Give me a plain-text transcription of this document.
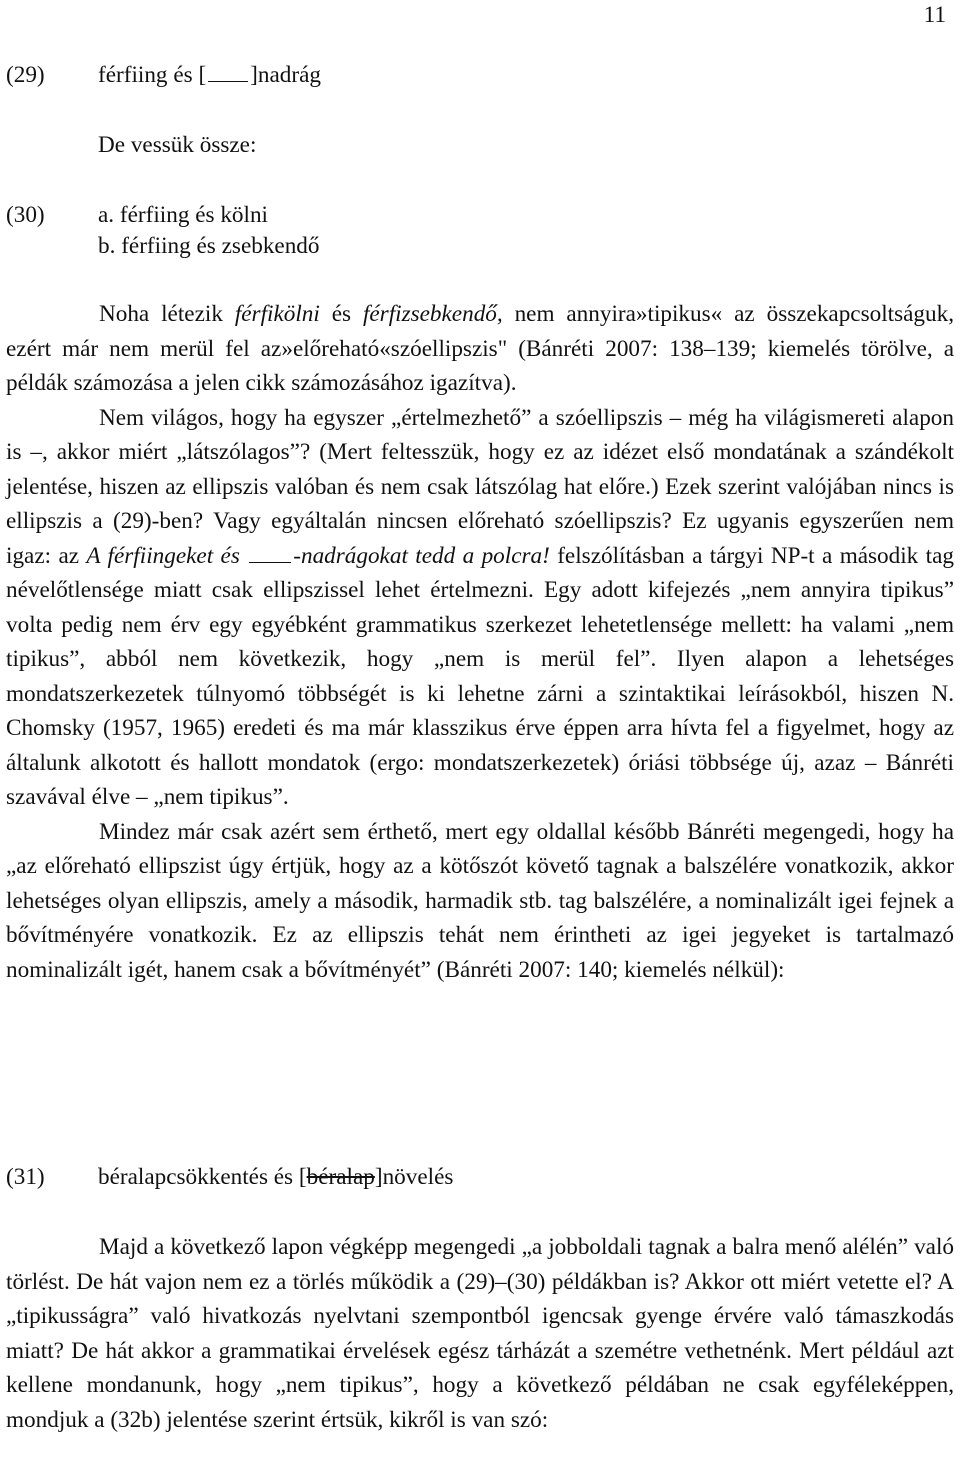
11
(29) férfiing és [ ]nadrág
De vessük össze:
(30) a. férfiing és kölni
b. férfiing és zsebkendő

Noha létezik férfikölni és férfizsebkendő, nem annyira»tipikus« az összekapcsoltságuk, ezért már nem merül fel az»előreható«szóellipszis" (Bánréti 2007: 138–139; kiemelés törölve, a példák számozása a jelen cikk számozásához igazítva).

Nem világos, hogy ha egyszer „értelmezhető” a szóellipszis – még ha világismereti alapon is –, akkor miért „látszólagos”? (Mert feltesszük, hogy ez az idézet első mondatának a szándékolt jelentése, hiszen az ellipszis valóban és nem csak látszólag hat előre.) Ezek szerint valójában nincs is ellipszis a (29)-ben? Vagy egyáltalán nincsen előreható szóellipszis? Ez ugyanis egyszerűen nem igaz: az A férfiingeket és -nadrágokat tedd a polcra! felszólításban a tárgyi NP-t a második tag névelőtlensége miatt csak ellipszissel lehet értelmezni. Egy adott kifejezés „nem annyira tipikus” volta pedig nem érv egy egyébként grammatikus szerkezet lehetetlensége mellett: ha valami „nem tipikus”, abból nem következik, hogy „nem is merül fel”. Ilyen alapon a lehetséges mondatszerkezetek túlnyomó többségét is ki lehetne zárni a szintaktikai leírásokból, hiszen N. Chomsky (1957, 1965) eredeti és ma már klasszikus érve éppen arra hívta fel a figyelmet, hogy az általunk alkotott és hallott mondatok (ergo: mondatszerkezetek) óriási többsége új, azaz – Bánréti szavával élve – „nem tipikus”.

Mindez már csak azért sem érthető, mert egy oldallal később Bánréti megengedi, hogy ha „az előreható ellipszist úgy értjük, hogy az a kötőszót követő tagnak a balszélére vonatkozik, akkor lehetséges olyan ellipszis, amely a második, harmadik stb. tag balszélére, a nominalizált igei fejnek a bővítményére vonatkozik. Ez az ellipszis tehát nem érintheti az igei jegyeket is tartalmazó nominalizált igét, hanem csak a bővítményét” (Bánréti 2007: 140; kiemelés nélkül):

(31) béralapcsökkentés és [béralap]növelés

Majd a következő lapon végképp megengedi „a jobboldali tagnak a balra menő alélén” való törlést. De hát vajon nem ez a törlés működik a (29)–(30) példákban is? Akkor ott miért vetette el? A „tipikusságra” való hivatkozás nyelvtani szempontból igencsak gyenge érvére való támaszkodás miatt? De hát akkor a grammatikai érvelések egész tárházát a szemétre vethetnénk. Mert például azt kellene mondanunk, hogy „nem tipikus”, hogy a következő példában ne csak egyféleképpen, mondjuk a (32b) jelentése szerint értsük, kikről is van szó:
